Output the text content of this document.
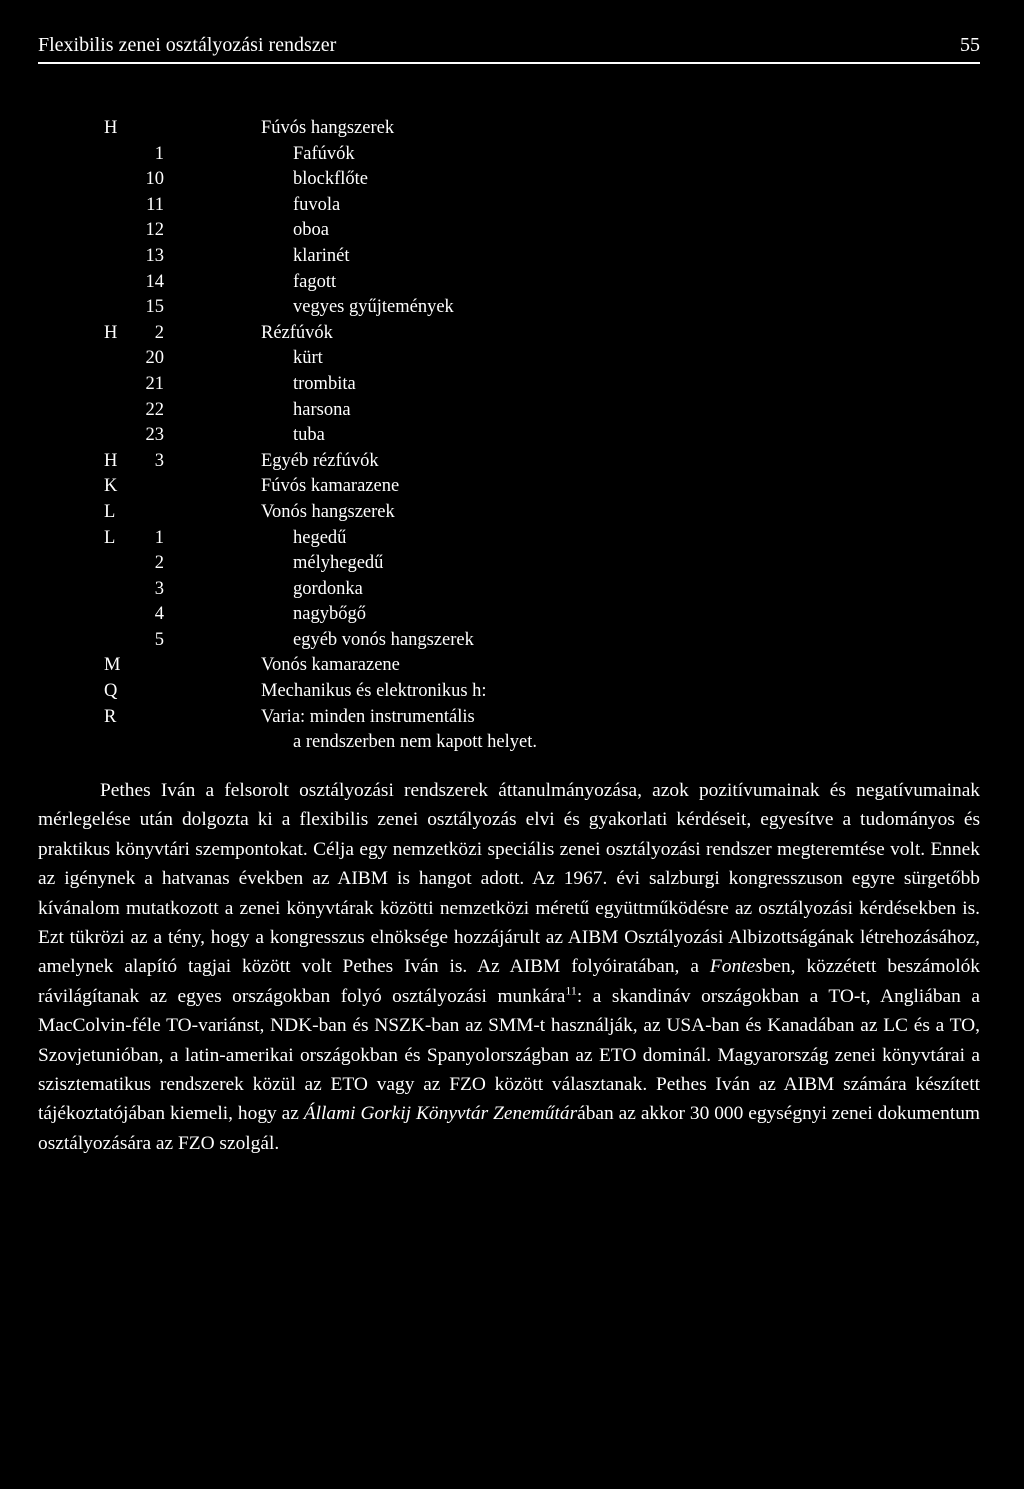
Flexibilis zenei osztályozási rendszer	55
H	Fúvós hangszerek
1	Fafúvók
10	blockflőte
11	fuvola
12	oboa
13	klarinét
14	fagott
15	vegyes gyűjtemények
H	2	Rézfúvók
20	kürt
21	trombita
22	harsona
23	tuba
H	3	Egyéb rézfúvók
K	Fúvós kamarazene
L	Vonós hangszerek
L	1	hegedű
2	mélyhegedű
3	gordonka
4	nagybőgő
5	egyéb vonós hangszerek
M	Vonós kamarazene
Q	Mechanikus és elektronikus h:
R	Varia: minden instrumentális
a rendszerben nem kapott helyet.

Pethes Iván a felsorolt osztályozási rendszerek áttanulmányozása, azok pozitívumainak és negatívumainak mérlegelése után dolgozta ki a flexibilis zenei osztályozás elvi és gyakorlati kérdéseit, egyesítve a tudományos és praktikus könyvtári szempontokat. Célja egy nemzetközi speciális zenei osztályozási rendszer megteremtése volt. Ennek az igénynek a hatvanas években az AIBM is hangot adott. Az 1967. évi salzburgi kongresszuson egyre sürgetőbb kívánalom mutatkozott a zenei könyvtárak közötti nemzetközi méretű együttműködésre az osztályozási kérdésekben is. Ezt tükrözi az a tény, hogy a kongresszus elnöksége hozzájárult az AIBM Osztályozási Albizottságának létrehozásához, amelynek alapító tagjai között volt Pethes Iván is. Az AIBM folyóiratában, a Fontesben, közzétett beszámolók rávilágítanak az egyes országokban folyó osztályozási munkára$^{11}$: a skandináv országokban a TO-t, Angliában a MacColvin-féle TO-variánst, NDK-ban és NSZK-ban az SMM-t használják, az USA-ban és Kanadában az LC és a TO, Szovjetunióban, a latin-amerikai országokban és Spanyolországban az ETO dominál. Magyarország zenei könyvtárai a szisztematikus rendszerek közül az ETO vagy az FZO között választanak. Pethes Iván az AIBM számára készített tájékoztatójában kiemeli, hogy az Állami Gorkij Könyvtár Zeneműtárában az akkor 30 000 egységnyi zenei dokumentum osztályozására az FZO szolgál.
